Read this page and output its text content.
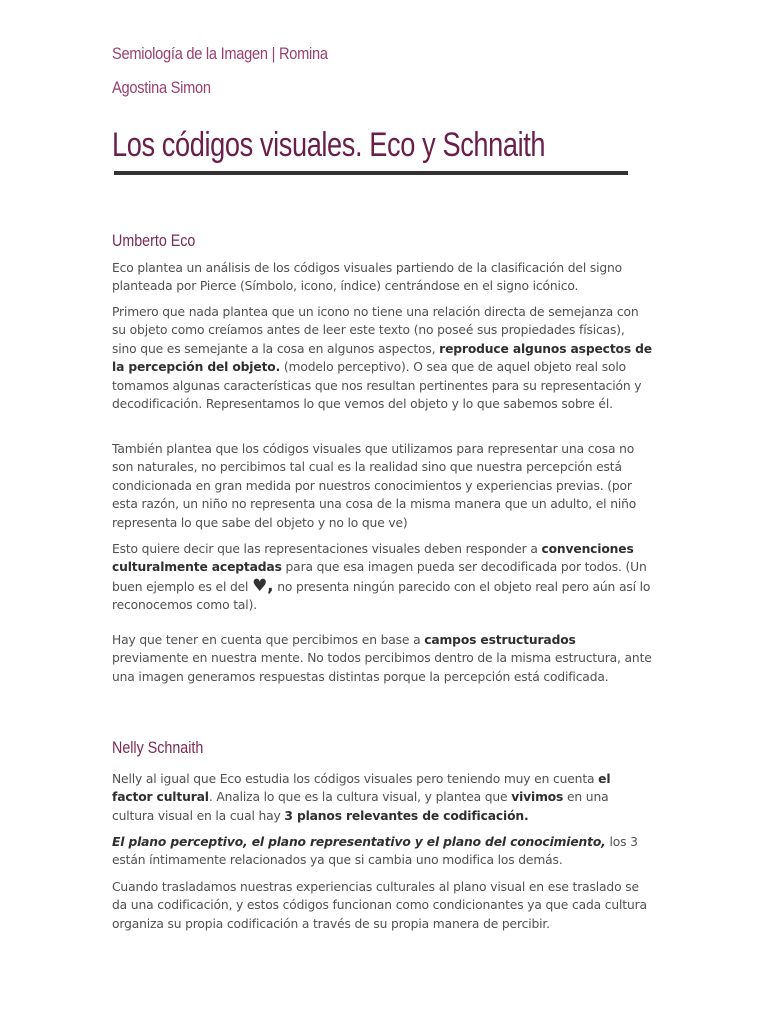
Semiología de la Imagen | Romina
Agostina Simon
Los códigos visuales. Eco y Schnaith
Umberto Eco

Eco plantea un análisis de los códigos visuales partiendo de la clasificación del signo planteada por Pierce (Símbolo, icono, índice) centrándose en el signo icónico.

Primero que nada plantea que un icono no tiene una relación directa de semejanza con su objeto como creíamos antes de leer este texto (no poseé sus propiedades físicas), sino que es semejante a la cosa en algunos aspectos, reproduce algunos aspectos de la percepción del objeto. (modelo perceptivo). O sea que de aquel objeto real solo tomamos algunas características que nos resultan pertinentes para su representación y decodificación. Representamos lo que vemos del objeto y lo que sabemos sobre él.

También plantea que los códigos visuales que utilizamos para representar una cosa no son naturales, no percibimos tal cual es la realidad sino que nuestra percepción está condicionada en gran medida por nuestros conocimientos y experiencias previas. (por esta razón, un niño no representa una cosa de la misma manera que un adulto, el niño representa lo que sabe del objeto y no lo que ve)

Esto quiere decir que las representaciones visuales deben responder a convenciones culturalmente aceptadas para que esa imagen pueda ser decodificada por todos. (Un buen ejemplo es el del ♥, no presenta ningún parecido con el objeto real pero aún así lo reconocemos como tal).

Hay que tener en cuenta que percibimos en base a campos estructurados previamente en nuestra mente. No todos percibimos dentro de la misma estructura, ante una imagen generamos respuestas distintas porque la percepción está codificada.

Nelly Schnaith

Nelly al igual que Eco estudia los códigos visuales pero teniendo muy en cuenta el factor cultural. Analiza lo que es la cultura visual, y plantea que vivimos en una cultura visual en la cual hay 3 planos relevantes de codificación.

El plano perceptivo, el plano representativo y el plano del conocimiento, los 3 están íntimamente relacionados ya que si cambia uno modifica los demás.

Cuando trasladamos nuestras experiencias culturales al plano visual en ese traslado se da una codificación, y estos códigos funcionan como condicionantes ya que cada cultura organiza su propia codificación a través de su propia manera de percibir.
